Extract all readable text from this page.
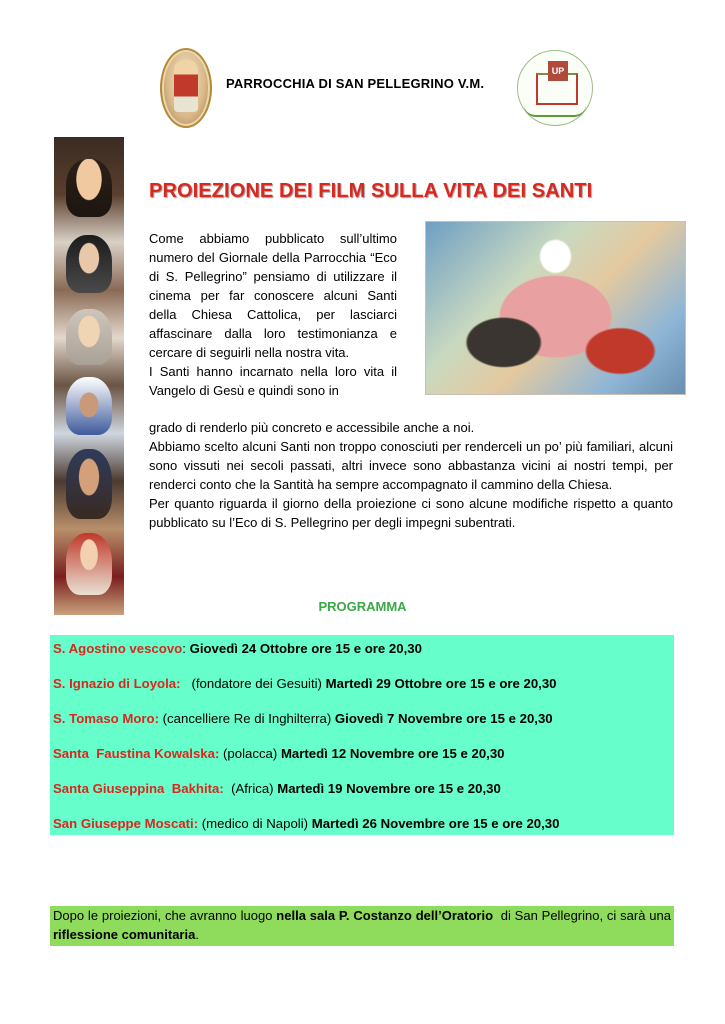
PARROCCHIA DI SAN PELLEGRINO V.M.
UP
PROIEZIONE DEI FILM SULLA VITA DEI SANTI

Come abbiamo pubblicato sull’ultimo numero del Giornale della Parrocchia “Eco di S. Pellegrino” pensiamo di utilizzare il cinema per far conoscere alcuni Santi della Chiesa Cattolica, per lasciarci affascinare dalla loro testimonianza e cercare di seguirli nella nostra vita.

I Santi hanno incarnato nella loro vita il Vangelo di Gesù e quindi sono in

grado di renderlo più concreto e accessibile anche a noi.

Abbiamo scelto alcuni Santi non troppo conosciuti per renderceli un po’ più familiari, alcuni sono vissuti nei secoli passati, altri invece sono abbastanza vicini ai nostri tempi, per renderci conto che la Santità ha sempre accompagnato il cammino della Chiesa.

Per quanto riguarda il giorno della proiezione ci sono alcune modifiche rispetto a quanto pubblicato su l’Eco di S. Pellegrino per degli impegni subentrati.

PROGRAMMA
S. Agostino vescovo: Giovedì 24 Ottobre ore 15 e ore 20,30
S. Ignazio di Loyola:   (fondatore dei Gesuiti) Martedì 29 Ottobre ore 15 e ore 20,30
S. Tomaso Moro: (cancelliere Re di Inghilterra) Giovedì 7 Novembre ore 15 e 20,30
Santa  Faustina Kowalska: (polacca) Martedì 12 Novembre ore 15 e 20,30
Santa Giuseppina  Bakhita:  (Africa) Martedì 19 Novembre ore 15 e 20,30
San Giuseppe Moscati: (medico di Napoli) Martedì 26 Novembre ore 15 e ore 20,30
Dopo le proiezioni, che avranno luogo nella sala P. Costanzo dell’Oratorio  di San Pellegrino, ci sarà una riflessione comunitaria.
